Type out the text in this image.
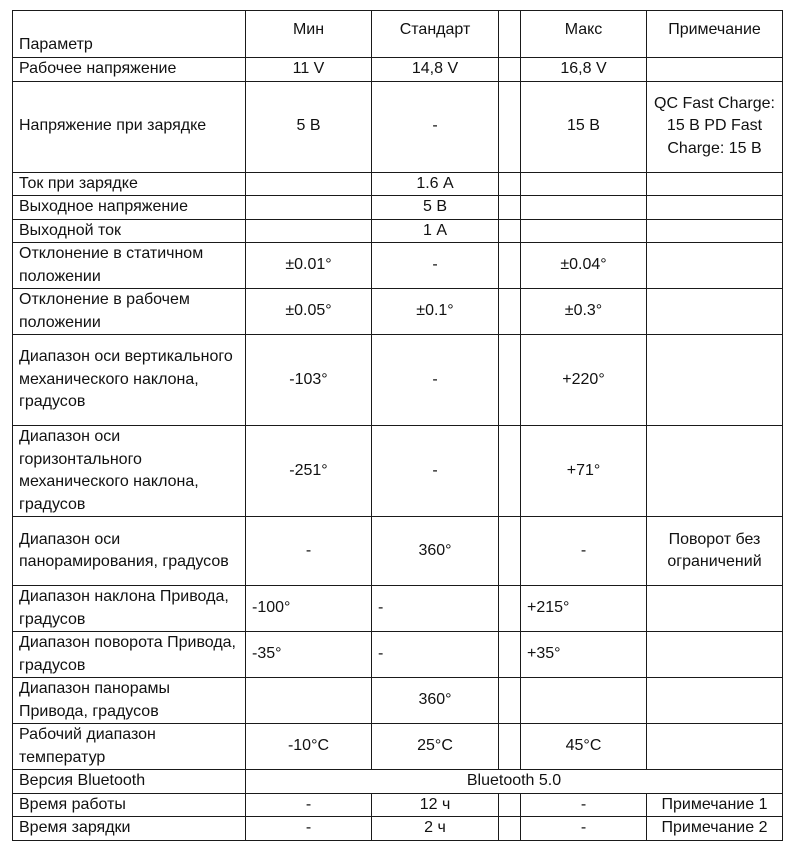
Параметр	Мин	Стандарт		Макс	Примечание
Рабочее напряжение	11 V	14,8 V		16,8 V	
Напряжение при зарядке	5 В	-		15 В	QC Fast Charge: 15 В PD Fast Charge: 15 В
Ток при зарядке		1.6 А			
Выходное напряжение		5 В			
Выходной ток		1 А			
Отклонение в статичном положении	±0.01°	-		±0.04°	
Отклонение в рабочем положении	±0.05°	±0.1°		±0.3°	
Диапазон оси вертикального механического наклона, градусов	-103°	-		+220°	
Диапазон оси горизонтального механического наклона, градусов	-251°	-		+71°	
Диапазон оси панорамирования, градусов	-	360°		-	Поворот без ограничений
Диапазон наклона Привода, градусов	-100°	-		+215°	
Диапазон поворота Привода, градусов	-35°	-		+35°	
Диапазон панорамы Привода, градусов		360°			
Рабочий диапазон температур	-10°С	25°С		45°С	
Версия Bluetooth	Bluetooth 5.0				
Время работы	-	12 ч		-	Примечание 1
Время зарядки	-	2 ч		-	Примечание 2
